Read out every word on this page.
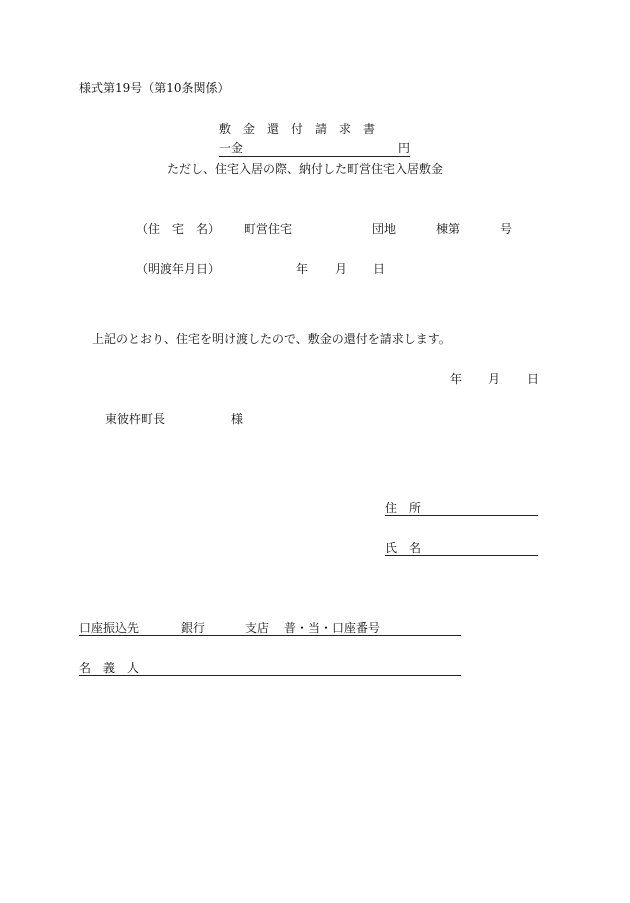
様式第19号（第10条関係）
敷　金　還　付　請　求　書
一金	円
ただし、住宅入居の際、納付した町営住宅入居敷金
（住　宅　名） 町営住宅	団地	棟第	号
（明渡年月日）	年 月 日
上記のとおり、住宅を明け渡したので、敷金の還付を請求します。
年 月 日
東彼杵町長	様
住　所
氏　名
口座振込先	銀行	支店 普・当・口座番号
名　義　人
